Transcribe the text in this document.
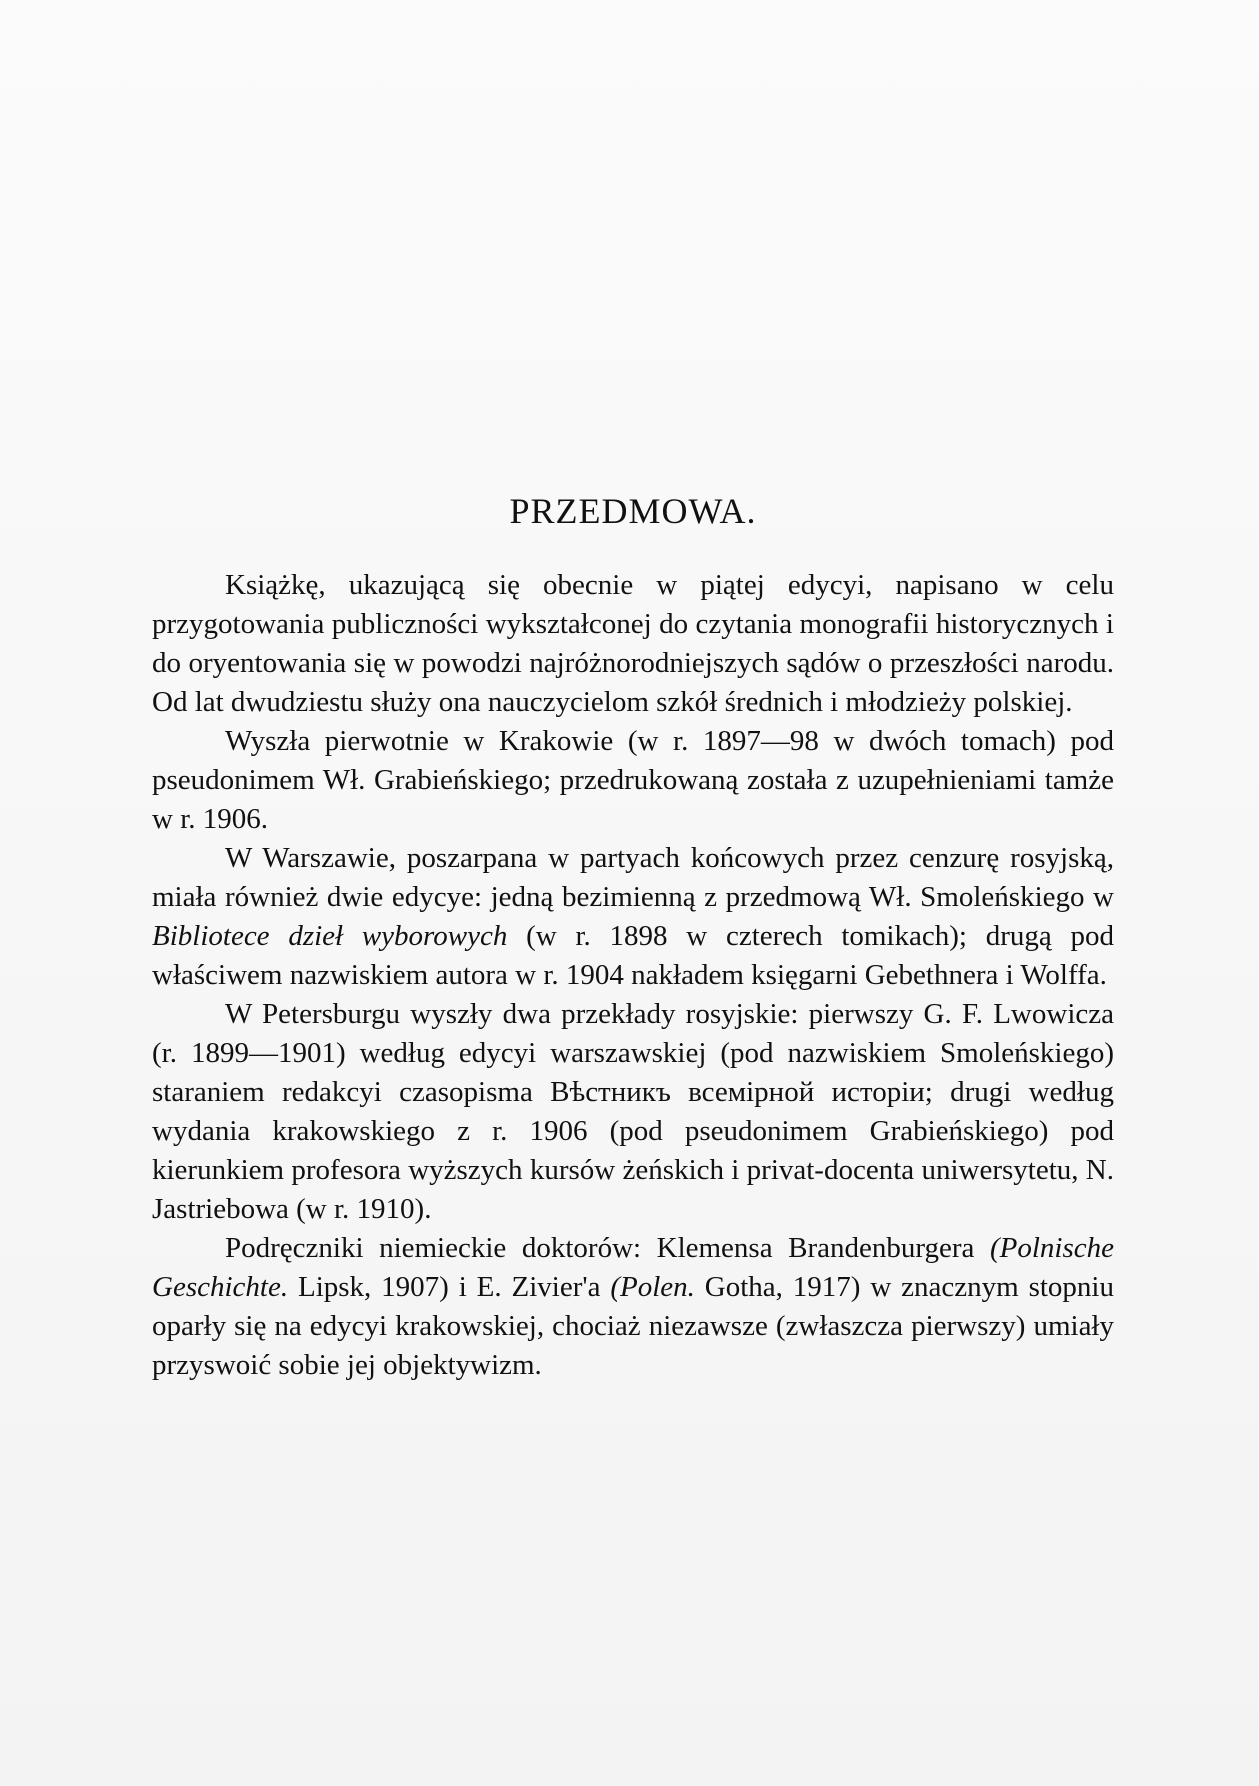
PRZEDMOWA.

Książkę, ukazującą się obecnie w piątej edycyi, napisano w celu przygotowania publiczności wykształconej do czytania monografii historycznych i do oryentowania się w powodzi najróżnorodniejszych sądów o przeszłości narodu. Od lat dwudziestu służy ona nauczycielom szkół średnich i młodzieży polskiej.

Wyszła pierwotnie w Krakowie (w r. 1897—98 w dwóch tomach) pod pseudonimem Wł. Grabieńskiego; przedrukowaną została z uzupełnieniami tamże w r. 1906.

W Warszawie, poszarpana w partyach końcowych przez cenzurę rosyjską, miała również dwie edycye: jedną bezimienną z przedmową Wł. Smoleńskiego w Bibliotece dzieł wyborowych (w r. 1898 w czterech tomikach); drugą pod właściwem nazwiskiem autora w r. 1904 nakładem księgarni Gebethnera i Wolffa.

W Petersburgu wyszły dwa przekłady rosyjskie: pierwszy G. F. Lwowicza (r. 1899—1901) według edycyi warszawskiej (pod nazwiskiem Smoleńskiego) staraniem redakcyi czasopisma Вѣстникъ всемірной исторіи; drugi według wydania krakowskiego z r. 1906 (pod pseudonimem Grabieńskiego) pod kierunkiem profesora wyższych kursów żeńskich i privat-docenta uniwersytetu, N. Jastriebowa (w r. 1910).

Podręczniki niemieckie doktorów: Klemensa Brandenburgera (Polnische Geschichte. Lipsk, 1907) i E. Zivier'a (Polen. Gotha, 1917) w znacznym stopniu oparły się na edycyi krakowskiej, chociaż niezawsze (zwłaszcza pierwszy) umiały przyswoić sobie jej objektywizm.
